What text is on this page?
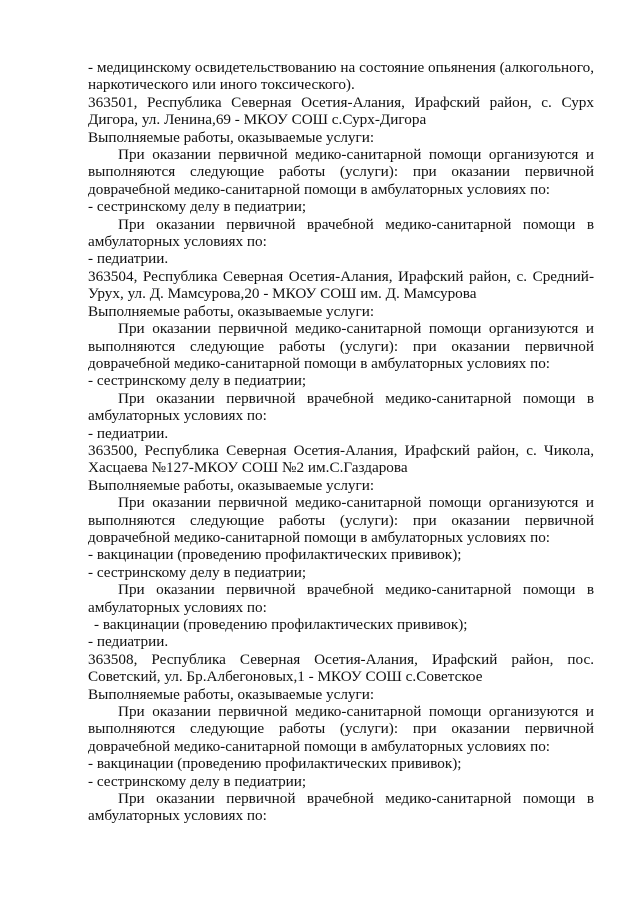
- медицинскому освидетельствованию на состояние опьянения (алкогольного, наркотического или иного токсического).

363501, Республика Северная Осетия-Алания, Ирафский район, с. Сурх Дигора, ул. Ленина,69 - МКОУ СОШ с.Сурх-Дигора

Выполняемые работы, оказываемые услуги:

При оказании первичной медико-санитарной помощи организуются и выполняются следующие работы (услуги): при оказании первичной доврачебной медико-санитарной помощи в амбулаторных условиях по:

- сестринскому делу в педиатрии;

При оказании первичной врачебной медико-санитарной помощи в амбулаторных условиях по:

- педиатрии.

363504, Республика Северная Осетия-Алания, Ирафский район, с. Средний-Урух, ул. Д. Мамсурова,20 - МКОУ СОШ им. Д. Мамсурова

Выполняемые работы, оказываемые услуги:

При оказании первичной медико-санитарной помощи организуются и выполняются следующие работы (услуги): при оказании первичной доврачебной медико-санитарной помощи в амбулаторных условиях по:

- сестринскому делу в педиатрии;

При оказании первичной врачебной медико-санитарной помощи в амбулаторных условиях по:

- педиатрии.

363500, Республика Северная Осетия-Алания, Ирафский район, с. Чикола, Хасцаева №127-МКОУ СОШ №2 им.С.Газдарова

Выполняемые работы, оказываемые услуги:

При оказании первичной медико-санитарной помощи организуются и выполняются следующие работы (услуги): при оказании первичной доврачебной медико-санитарной помощи в амбулаторных условиях по:

- вакцинации (проведению профилактических прививок);

- сестринскому делу в педиатрии;

При оказании первичной врачебной медико-санитарной помощи в амбулаторных условиях по:

- вакцинации (проведению профилактических прививок);

- педиатрии.

363508, Республика Северная Осетия-Алания, Ирафский район, пос. Советский, ул. Бр.Албегоновых,1 - МКОУ СОШ с.Советское

Выполняемые работы, оказываемые услуги:

При оказании первичной медико-санитарной помощи организуются и выполняются следующие работы (услуги): при оказании первичной доврачебной медико-санитарной помощи в амбулаторных условиях по:

- вакцинации (проведению профилактических прививок);

- сестринскому делу в педиатрии;

При оказании первичной врачебной медико-санитарной помощи в амбулаторных условиях по:
